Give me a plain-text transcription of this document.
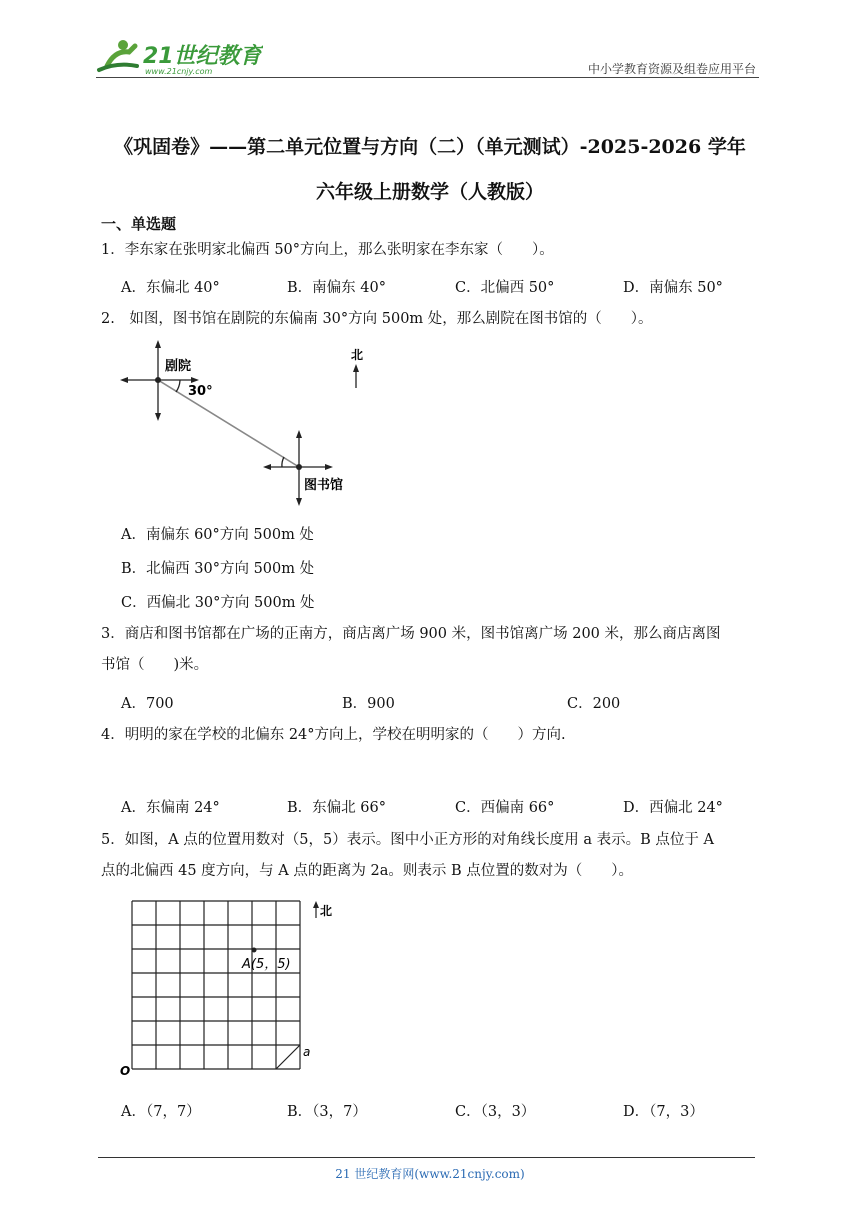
21世纪教育
www.21cnjy.com	中小学教育资源及组卷应用平台
《巩固卷》——第二单元位置与方向（二）（单元测试）-2025-2026 学年
六年级上册数学（人教版）
一、单选题
1．李东家在张明家北偏西 50°方向上，那么张明家在李东家（　　）。
A．东偏北 40°	B．南偏东 40°	C．北偏西 50°	D．南偏东 50°
2.　如图，图书馆在剧院的东偏南 30°方向 500m 处，那么剧院在图书馆的（　　）。
剧院
30°
图书馆
北
A．南偏东 60°方向 500m 处
B．北偏西 30°方向 500m 处
C．西偏北 30°方向 500m 处
3．商店和图书馆都在广场的正南方，商店离广场 900 米，图书馆离广场 200 米，那么商店离图
书馆（　　)米。
A．700	B．900	C．200
4．明明的家在学校的北偏东 24°方向上，学校在明明家的（　　）方向.
A．东偏南 24°	B．东偏北 66°	C．西偏南 66°	D．西偏北 24°
5．如图，A 点的位置用数对（5，5）表示。图中小正方形的对角线长度用 a 表示。B 点位于 A
点的北偏西 45 度方向，与 A 点的距离为 2a。则表示 B 点位置的数对为（　　）。
北
A(5，5)
O
a
A．（7，7）	B．（3，7）	C．（3，3）	D．（7，3）
21 世纪教育网(www.21cnjy.com)
